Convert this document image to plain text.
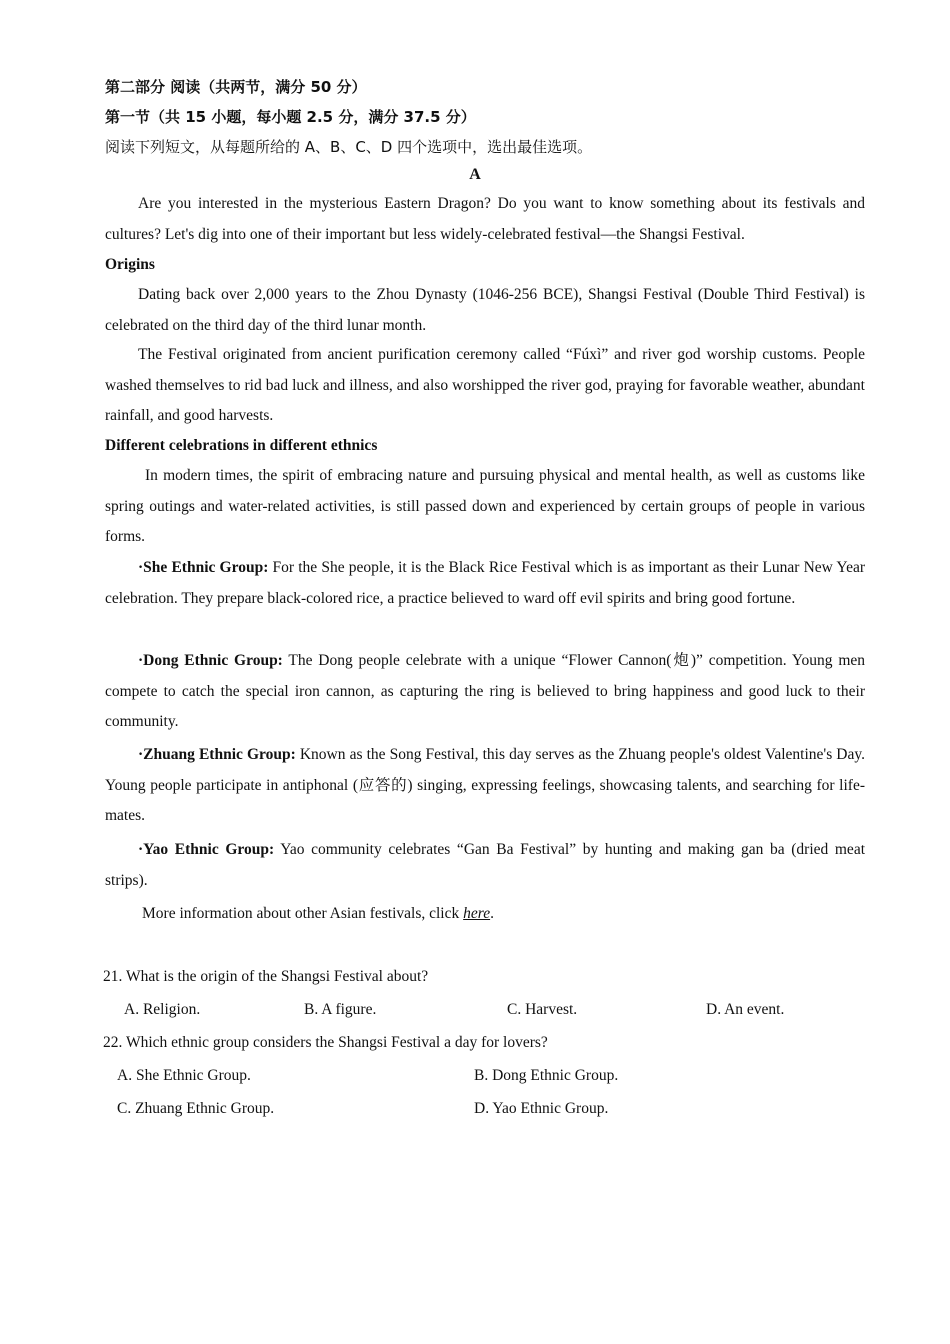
第二部分 阅读（共两节，满分 50 分）
第一节（共 15 小题，每小题 2.5 分，满分 37.5 分）
阅读下列短文，从每题所给的 A、B、C、D 四个选项中，选出最佳选项。
A
Are you interested in the mysterious Eastern Dragon? Do you want to know something about its festivals and cultures? Let's dig into one of their important but less widely-celebrated festival—the Shangsi Festival.
Origins
Dating back over 2,000 years to the Zhou Dynasty (1046-256 BCE), Shangsi Festival (Double Third Festival) is celebrated on the third day of the third lunar month.
The Festival originated from ancient purification ceremony called “Fúxì” and river god worship customs. People washed themselves to rid bad luck and illness, and also worshipped the river god, praying for favorable weather, abundant rainfall, and good harvests.
Different celebrations in different ethnics
In modern times, the spirit of embracing nature and pursuing physical and mental health, as well as customs like spring outings and water-related activities, is still passed down and experienced by certain groups of people in various forms.
·She Ethnic Group: For the She people, it is the Black Rice Festival which is as important as their Lunar New Year celebration. They prepare black-colored rice, a practice believed to ward off evil spirits and bring good fortune.
·Dong Ethnic Group: The Dong people celebrate with a unique “Flower Cannon(炮)” competition. Young men compete to catch the special iron cannon, as capturing the ring is believed to bring happiness and good luck to their community.
·Zhuang Ethnic Group: Known as the Song Festival, this day serves as the Zhuang people's oldest Valentine's Day. Young people participate in antiphonal (应答的) singing, expressing feelings, showcasing talents, and searching for life-mates.
·Yao Ethnic Group: Yao community celebrates “Gan Ba Festival” by hunting and making gan ba (dried meat strips).
More information about other Asian festivals, click here.
21. What is the origin of the Shangsi Festival about?
A. Religion.	B. A figure.	C. Harvest.	D. An event.
22. Which ethnic group considers the Shangsi Festival a day for lovers?
A. She Ethnic Group.	B. Dong Ethnic Group.
C. Zhuang Ethnic Group.	D. Yao Ethnic Group.
